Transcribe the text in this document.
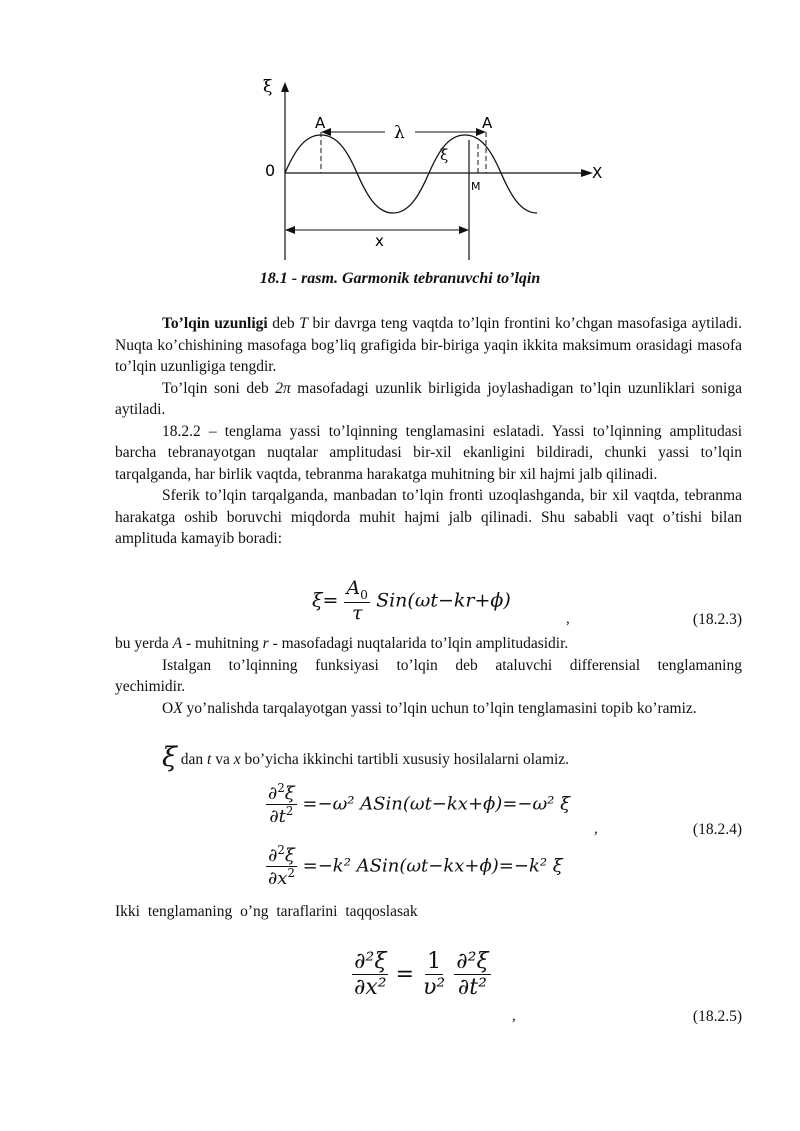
ξ
0	X
A	A
λ
ξ
M
x
18.1 - rasm. Garmonik tebranuvchi to’lqin

To’lqin uzunligi deb T bir davrga teng vaqtda to’lqin frontini ko’chgan masofasiga aytiladi. Nuqta ko’chishining masofaga bog’liq grafigida bir-biriga yaqin ikkita maksimum orasidagi masofa to’lqin uzunligiga tengdir.

To’lqin soni deb 2π masofadagi uzunlik birligida joylashadigan to’lqin uzunliklari soniga aytiladi.

18.2.2 – tenglama yassi to’lqinning tenglamasini eslatadi. Yassi to’lqinning amplitudasi barcha tebranayotgan nuqtalar amplitudasi bir-xil ekanligini bildiradi, chunki yassi to’lqin tarqalganda, har birlik vaqtda, tebranma harakatga muhitning bir xil hajmi jalb qilinadi.

Sferik to’lqin tarqalganda, manbadan to’lqin fronti uzoqlashganda, bir xil vaqtda, tebranma harakatga oshib boruvchi miqdorda muhit hajmi jalb qilinadi. Shu sababli vaqt o’tishi bilan amplituda kamayib boradi:

$\xi= \frac{A_0}{\tau} Sin(\omega t-kr+\phi)$
,	(18.2.3)

bu yerda A - muhitning r - masofadagi nuqtalarida to’lqin amplitudasidir.

Istalgan to’lqinning funksiyasi to’lqin deb ataluvchi differensial tenglamaning yechimidir.

OX yo’nalishda tarqalayotgan yassi to’lqin uchun to’lqin tenglamasini topib ko’ramiz.

ξ dan t va x bo’yicha ikkinchi tartibli xususiy hosilalarni olamiz.
$\frac{\partial^2\xi}{\partial t^2} =-\omega^2$ ASin(ωt−kx+ϕ)=−ω² ξ
,	(18.2.4)
$\frac{\partial^2\xi}{\partial x^2} =-k^2$ ASin(ωt−kx+ϕ)=−k² ξ
Ikki tenglamaning o’ng taraflarini taqqoslasak
$\frac{\text{∂²ξ}}{\text{∂x²}} = \frac{1}{\text{υ²}}$
$\frac{\text{∂²ξ}}{\text{∂t²}}$
,	(18.2.5)
